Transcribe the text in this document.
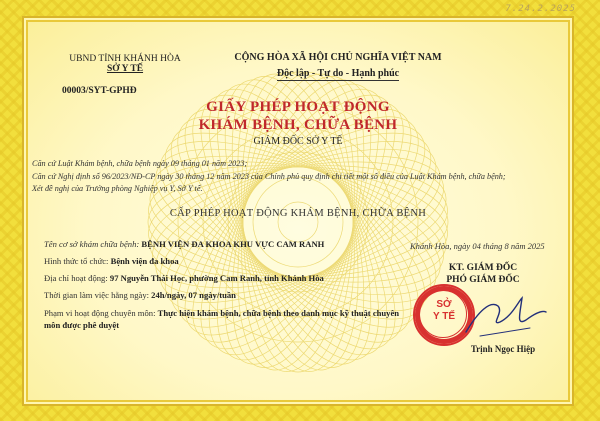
7.24.2.2025
UBND TỈNH KHÁNH HÒA
SỞ Y TẾ
00003/SYT-GPHĐ
CỘNG HÒA XÃ HỘI CHỦ NGHĨA VIỆT NAM
Độc lập - Tự do - Hạnh phúc
GIẤY PHÉP HOẠT ĐỘNG
KHÁM BỆNH, CHỮA BỆNH
GIÁM ĐỐC SỞ Y TẾ
Căn cứ Luật Khám bệnh, chữa bệnh ngày 09 tháng 01 năm 2023;
Căn cứ Nghị định số 96/2023/NĐ-CP ngày 30 tháng 12 năm 2023 của Chính phủ quy định chi tiết một số điều của Luật Khám bệnh, chữa bệnh;
Xét đề nghị của Trưởng phòng Nghiệp vụ Y, Sở Y tế.
CẤP PHÉP HOẠT ĐỘNG KHÁM BỆNH, CHỮA BỆNH
Tên cơ sở khám chữa bệnh: BỆNH VIỆN ĐA KHOA KHU VỰC CAM RANH
Hình thức tổ chức: Bệnh viện đa khoa
Địa chỉ hoạt động: 97 Nguyễn Thái Học, phường Cam Ranh, tỉnh Khánh Hòa
Thời gian làm việc hằng ngày: 24h/ngày, 07 ngày/tuần
Phạm vi hoạt động chuyên môn: Thực hiện khám bệnh, chữa bệnh theo danh mục kỹ thuật chuyên môn được phê duyệt
Khánh Hòa, ngày 04 tháng 8 năm 2025
KT. GIÁM ĐỐC
PHÓ GIÁM ĐỐC
SỞ
Y TẾ
Trịnh Ngọc Hiệp
